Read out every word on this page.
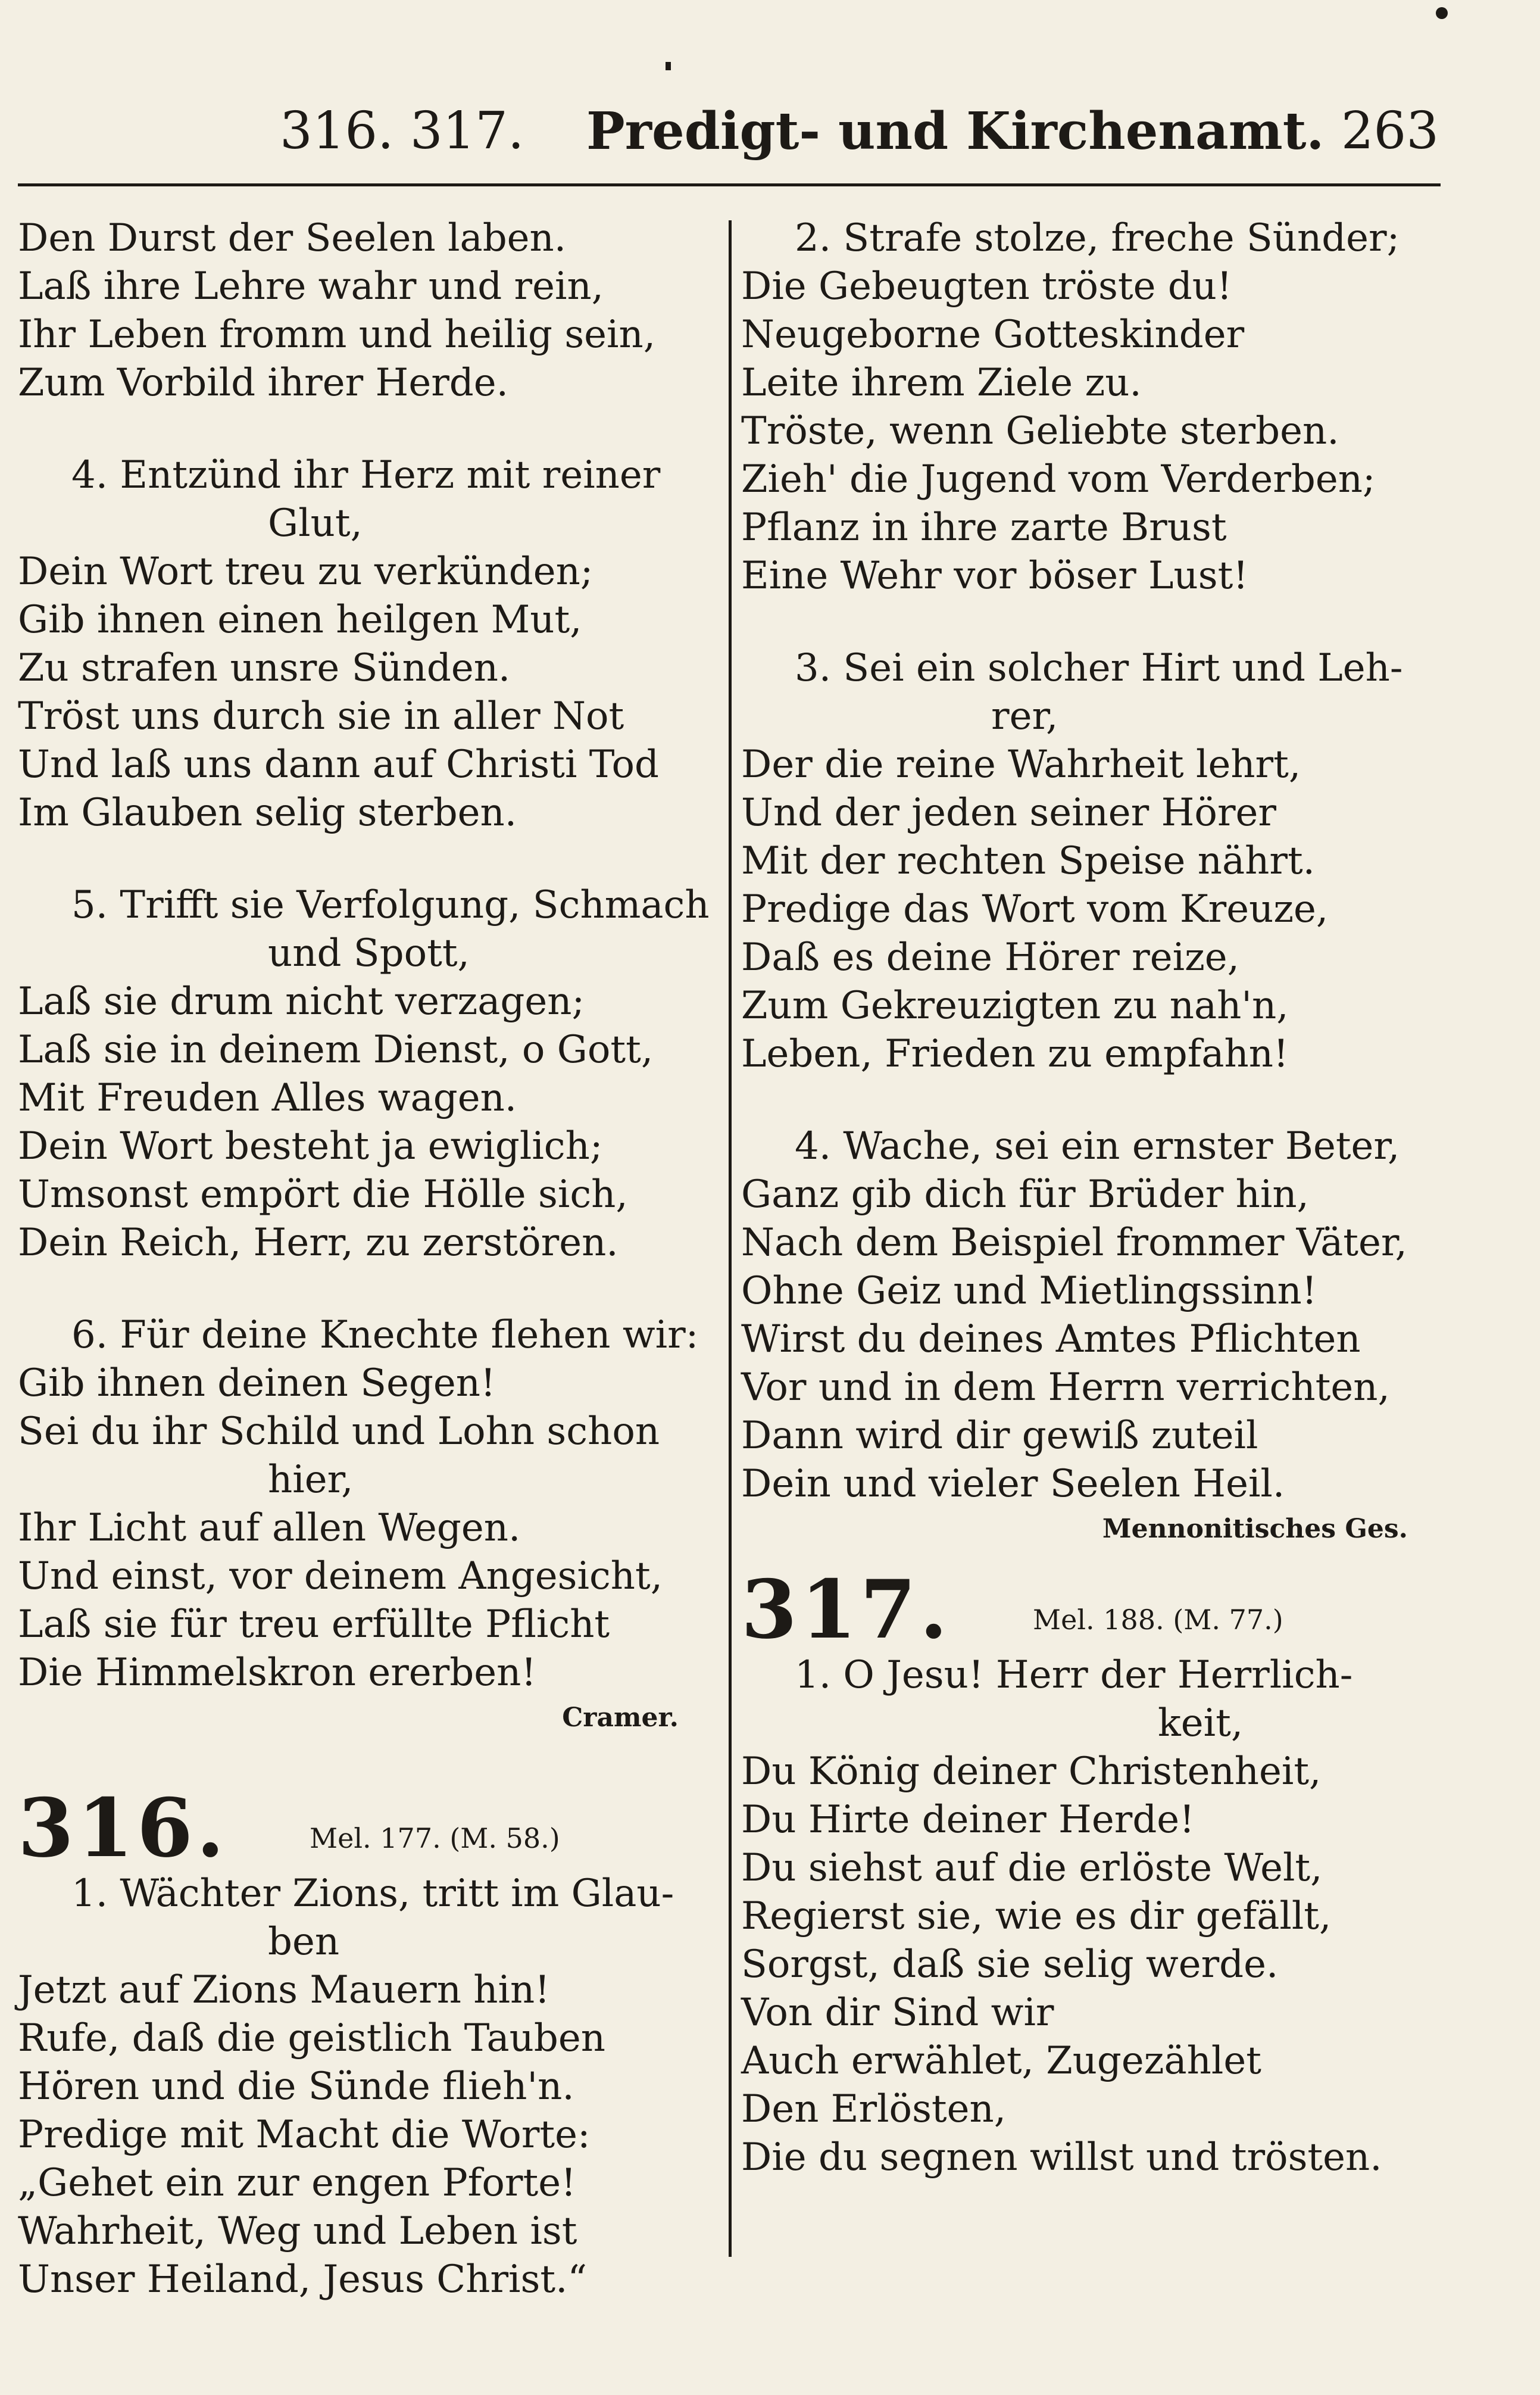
316. 317. Predigt- und Kirchenamt. 263
Den Durst der Seelen laben.
Laß ihre Lehre wahr und rein,
Ihr Leben fromm und heilig sein,
Zum Vorbild ihrer Herde.
4. Entzünd ihr Herz mit reiner
Glut,
Dein Wort treu zu verkünden;
Gib ihnen einen heilgen Mut,
Zu strafen unsre Sünden.
Tröst uns durch sie in aller Not
Und laß uns dann auf Christi Tod
Im Glauben selig sterben.
5. Trifft sie Verfolgung, Schmach
und Spott,
Laß sie drum nicht verzagen;
Laß sie in deinem Dienst, o Gott,
Mit Freuden Alles wagen.
Dein Wort besteht ja ewiglich;
Umsonst empört die Hölle sich,
Dein Reich, Herr, zu zerstören.
6. Für deine Knechte flehen wir:
Gib ihnen deinen Segen!
Sei du ihr Schild und Lohn schon
hier,
Ihr Licht auf allen Wegen.
Und einst, vor deinem Angesicht,
Laß sie für treu erfüllte Pflicht
Die Himmelskron ererben!
Cramer.
316.	Mel. 177. (M. 58.)
1. Wächter Zions, tritt im Glau-
ben
Jetzt auf Zions Mauern hin!
Rufe, daß die geistlich Tauben
Hören und die Sünde flieh'n.
Predige mit Macht die Worte:
„Gehet ein zur engen Pforte!
Wahrheit, Weg und Leben ist
Unser Heiland, Jesus Christ.“
2. Strafe stolze, freche Sünder;
Die Gebeugten tröste du!
Neugeborne Gotteskinder
Leite ihrem Ziele zu.
Tröste, wenn Geliebte sterben.
Zieh' die Jugend vom Verderben;
Pflanz in ihre zarte Brust
Eine Wehr vor böser Lust!
3. Sei ein solcher Hirt und Leh-
rer,
Der die reine Wahrheit lehrt,
Und der jeden seiner Hörer
Mit der rechten Speise nährt.
Predige das Wort vom Kreuze,
Daß es deine Hörer reize,
Zum Gekreuzigten zu nah'n,
Leben, Frieden zu empfahn!
4. Wache, sei ein ernster Beter,
Ganz gib dich für Brüder hin,
Nach dem Beispiel frommer Väter,
Ohne Geiz und Mietlingssinn!
Wirst du deines Amtes Pflichten
Vor und in dem Herrn verrichten,
Dann wird dir gewiß zuteil
Dein und vieler Seelen Heil.
Mennonitisches Ges.
317.	Mel. 188. (M. 77.)
1. O Jesu! Herr der Herrlich-
keit,
Du König deiner Christenheit,
Du Hirte deiner Herde!
Du siehst auf die erlöste Welt,
Regierst sie, wie es dir gefällt,
Sorgst, daß sie selig werde.
Von dir Sind wir
Auch erwählet, Zugezählet
Den Erlösten,
Die du segnen willst und trösten.
